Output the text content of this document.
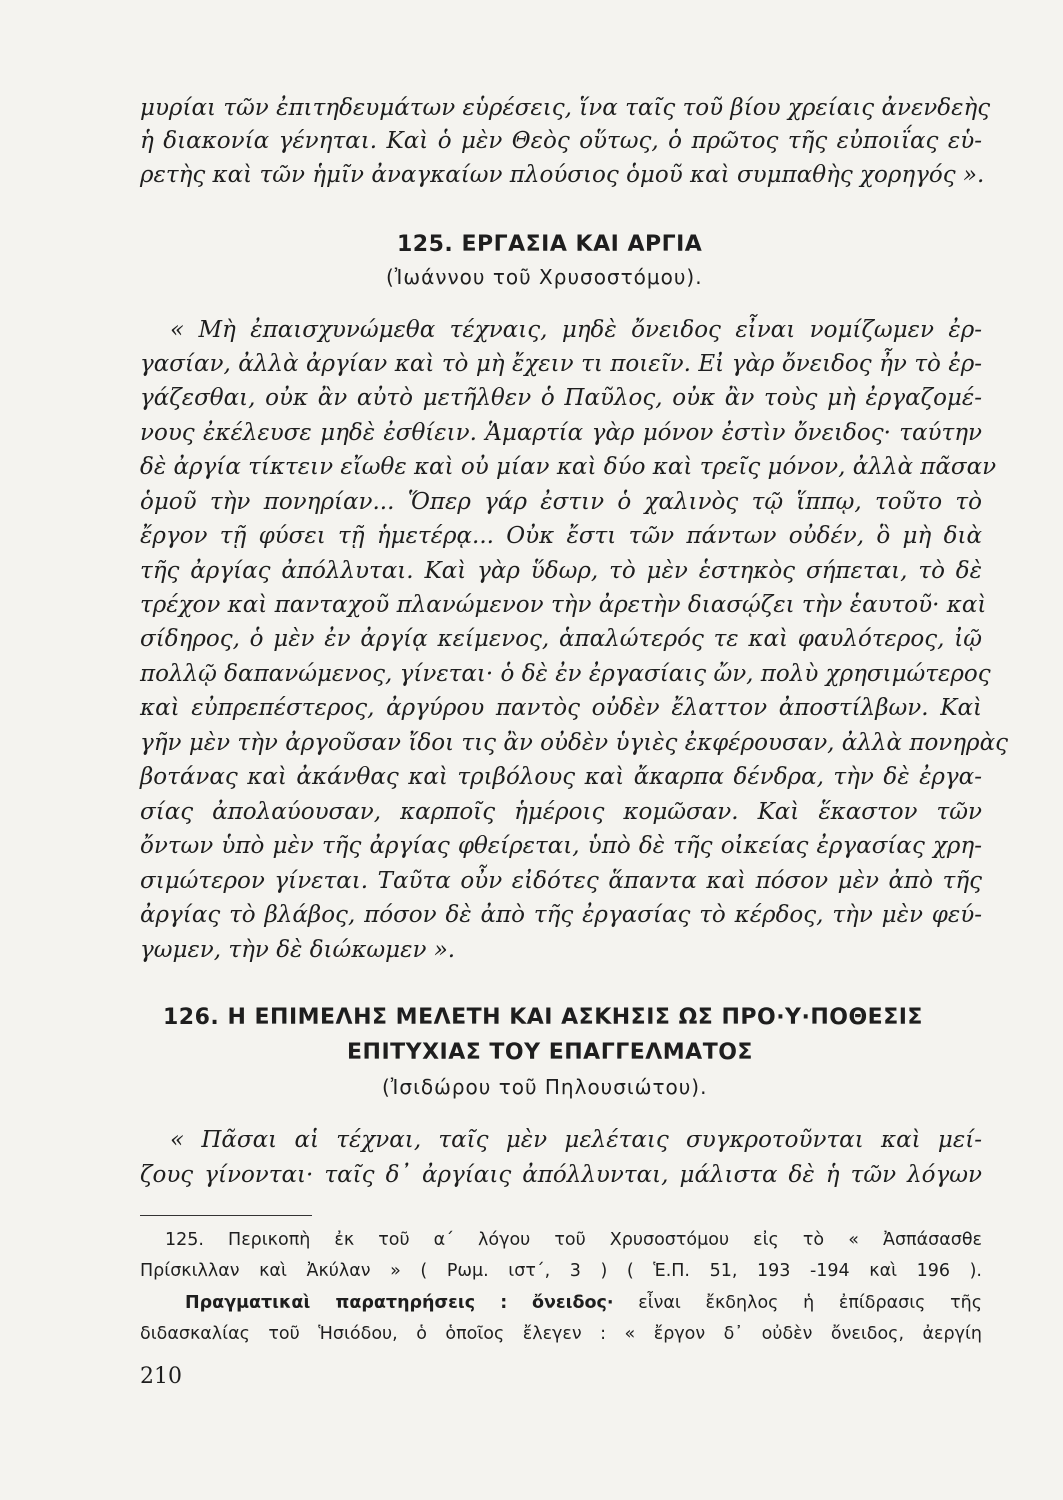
μυρίαι τῶν ἐπιτηδευμάτων εὑρέσεις, ἵνα ταῖς τοῦ βίου χρείαις ἀνενδεὴς
ἡ διακονία γένηται. Καὶ ὁ μὲν Θεὸς οὕτως, ὁ πρῶτος τῆς εὐποιΐας εὑ-
ρετὴς καὶ τῶν ἡμῖν ἀναγκαίων πλούσιος ὁμοῦ καὶ συμπαθὴς χορηγός ».
125. ΕΡΓΑΣΙΑ ΚΑΙ ΑΡΓΙΑ
(Ἰωάννου τοῦ Χρυσοστόμου).
« Μὴ ἐπαισχυνώμεθα τέχναις, μηδὲ ὄνειδος εἶναι νομίζωμεν ἐρ-
γασίαν, ἀλλὰ ἀργίαν καὶ τὸ μὴ ἔχειν τι ποιεῖν. Εἰ γὰρ ὄνειδος ἦν τὸ ἐρ-
γάζεσθαι, οὐκ ἂν αὐτὸ μετῆλθεν ὁ Παῦλος, οὐκ ἂν τοὺς μὴ ἐργαζομέ-
νους ἐκέλευσε μηδὲ ἐσθίειν. Ἁμαρτία γὰρ μόνον ἐστὶν ὄνειδος· ταύτην
δὲ ἀργία τίκτειν εἴωθε καὶ οὐ μίαν καὶ δύο καὶ τρεῖς μόνον, ἀλλὰ πᾶσαν
ὁμοῦ τὴν πονηρίαν... Ὅπερ γάρ ἐστιν ὁ χαλινὸς τῷ ἵππῳ, τοῦτο τὸ
ἔργον τῇ φύσει τῇ ἡμετέρᾳ... Οὐκ ἔστι τῶν πάντων οὐδέν, ὃ μὴ διὰ
τῆς ἀργίας ἀπόλλυται. Καὶ γὰρ ὕδωρ, τὸ μὲν ἑστηκὸς σήπεται, τὸ δὲ
τρέχον καὶ πανταχοῦ πλανώμενον τὴν ἀρετὴν διασῴζει τὴν ἑαυτοῦ· καὶ
σίδηρος, ὁ μὲν ἐν ἀργίᾳ κείμενος, ἁπαλώτερός τε καὶ φαυλότερος, ἰῷ
πολλῷ δαπανώμενος, γίνεται· ὁ δὲ ἐν ἐργασίαις ὤν, πολὺ χρησιμώτερος
καὶ εὐπρεπέστερος, ἀργύρου παντὸς οὐδὲν ἔλαττον ἀποστίλβων. Καὶ
γῆν μὲν τὴν ἀργοῦσαν ἴδοι τις ἂν οὐδὲν ὑγιὲς ἐκφέρουσαν, ἀλλὰ πονηρὰς
βοτάνας καὶ ἀκάνθας καὶ τριβόλους καὶ ἄκαρπα δένδρα, τὴν δὲ ἐργα-
σίας ἀπολαύουσαν, καρποῖς ἡμέροις κομῶσαν. Καὶ ἕκαστον τῶν
ὄντων ὑπὸ μὲν τῆς ἀργίας φθείρεται, ὑπὸ δὲ τῆς οἰκείας ἐργασίας χρη-
σιμώτερον γίνεται. Ταῦτα οὖν εἰδότες ἅπαντα καὶ πόσον μὲν ἀπὸ τῆς
ἀργίας τὸ βλάβος, πόσον δὲ ἀπὸ τῆς ἐργασίας τὸ κέρδος, τὴν μὲν φεύ-
γωμεν, τὴν δὲ διώκωμεν ».
126. Η ΕΠΙΜΕΛΗΣ ΜΕΛΕΤΗ ΚΑΙ ΑΣΚΗΣΙΣ ΩΣ ΠΡΟ·Υ·ΠΟΘΕΣΙΣ
ΕΠΙΤΥΧΙΑΣ ΤΟΥ ΕΠΑΓΓΕΛΜΑΤΟΣ
(Ἰσιδώρου τοῦ Πηλουσιώτου).
« Πᾶσαι αἱ τέχναι, ταῖς μὲν μελέταις συγκροτοῦνται καὶ μεί-
ζους γίνονται· ταῖς δ᾽ ἀργίαις ἀπόλλυνται, μάλιστα δὲ ἡ τῶν λόγων
125. Περικοπὴ ἐκ τοῦ α΄ λόγου τοῦ Χρυσοστόμου εἰς τὸ « Ἀσπάσασθε
Πρίσκιλλαν καὶ Ἀκύλαν » ( Ρωμ. ιστ΄, 3 ) ( Ἑ.Π. 51, 193 -194 καὶ 196 ).
Πραγματικαὶ παρατηρήσεις : ὄνειδος· εἶναι ἔκδηλος ἡ ἐπίδρασις τῆς
διδασκαλίας τοῦ Ἡσιόδου, ὁ ὁποῖος ἔλεγεν : « ἔργον δ᾽ οὐδὲν ὄνειδος, ἀεργίη
210
